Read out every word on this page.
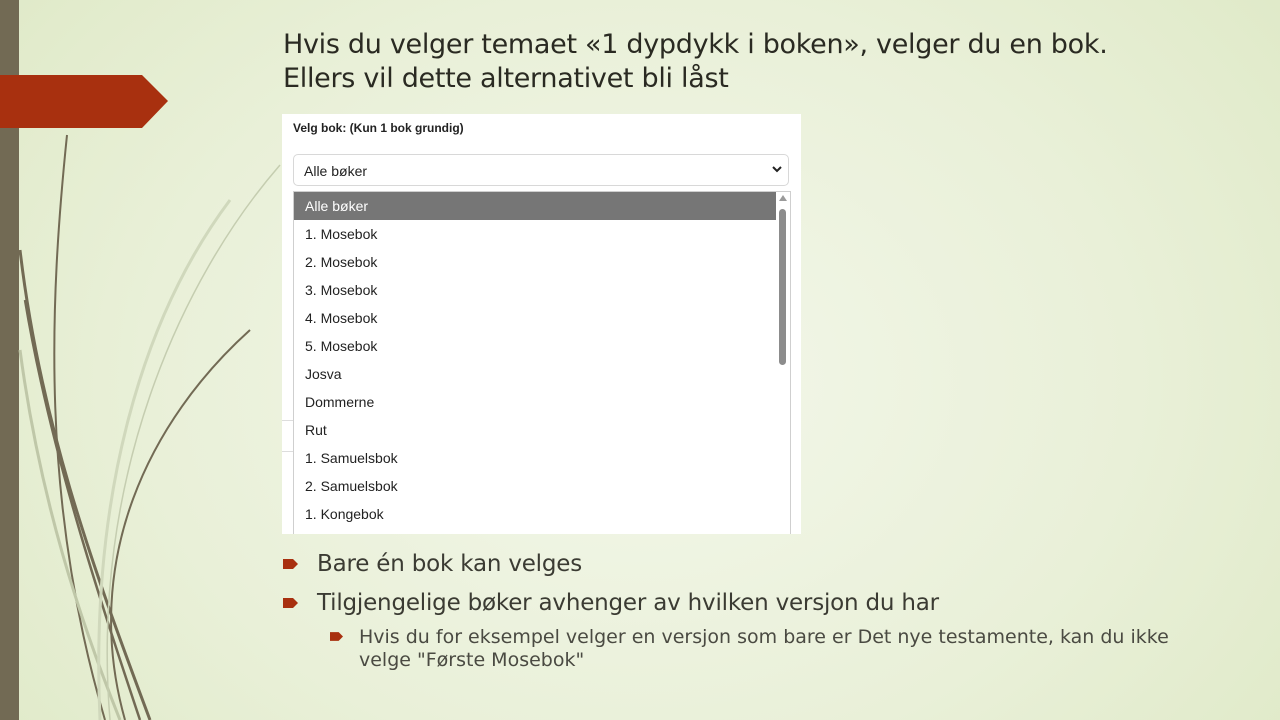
Hvis du velger temaet «1 dypdykk i boken», velger du en bok.
Ellers vil dette alternativet bli låst
Velg bok: (Kun 1 bok grundig)
Alle bøker
Alle bøker
1. Mosebok
2. Mosebok
3. Mosebok
4. Mosebok
5. Mosebok
Josva
Dommerne
Rut
1. Samuelsbok
2. Samuelsbok
1. Kongebok
Bare én bok kan velges
Tilgjengelige bøker avhenger av hvilken versjon du har
Hvis du for eksempel velger en versjon som bare er Det nye testamente, kan du ikke velge "Første Mosebok"
